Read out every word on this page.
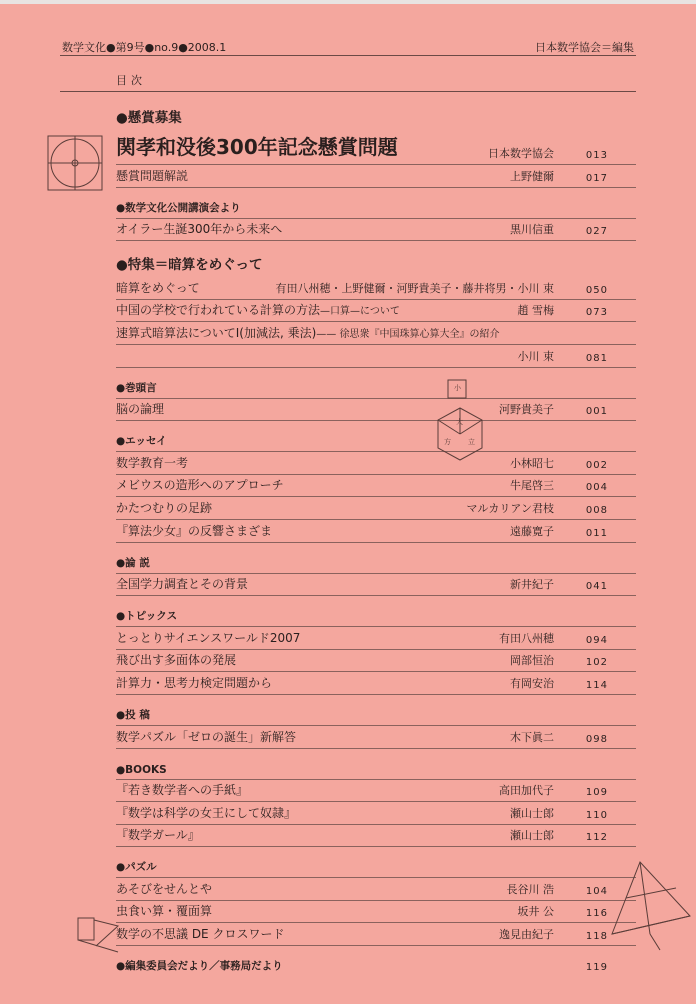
数学文化●第9号●no.9●2008.1	日本数学協会＝編集
目次
● 懸賞募集
関孝和没後300年記念懸賞問題	日本数学協会	013
懸賞問題解説	上野健爾	017
● 数学文化公開講演会より
オイラー生誕300年から未来へ	黒川信重	027
● 特集＝暗算をめぐって
暗算をめぐって	有田八州穂・上野健爾・河野貴美子・藤井将男・小川 束	050
中国の学校で行われている計算の方法—口算—について	趙 雪梅	073
速算式暗算法についてⅠ(加減法, 乗法)—— 徐思衆『中国珠算心算大全』の紹介
小川 束	081
● 巻頭言
脳の論理	河野貴美子	001
● エッセイ
数学教育一考	小林昭七	002
メビウスの造形へのアプローチ	牛尾啓三	004
かたつむりの足跡	マルカリアン君枝	008
『算法少女』の反響さまざま	遠藤寛子	011
● 論 説
全国学力調査とその背景	新井紀子	041
● トピックス
とっとりサイエンスワールド2007	有田八州穂	094
飛び出す多面体の発展	岡部恒治	102
計算力・思考力検定問題から	有岡安治	114
● 投 稿
数学パズル「ゼロの誕生」新解答	木下眞二	098
● BOOKS
『若き数学者への手紙』	高田加代子	109
『数学は科学の女王にして奴隷』	瀬山士郎	110
『数学ガール』	瀬山士郎	112
● パズル
あそびをせんとや	長谷川 浩	104
虫食い算・覆面算	坂井 公	116
数学の不思議 DE クロスワード	逸見由紀子	118
小
大
方 立
● 編集委員会だより／事務局だより	119
